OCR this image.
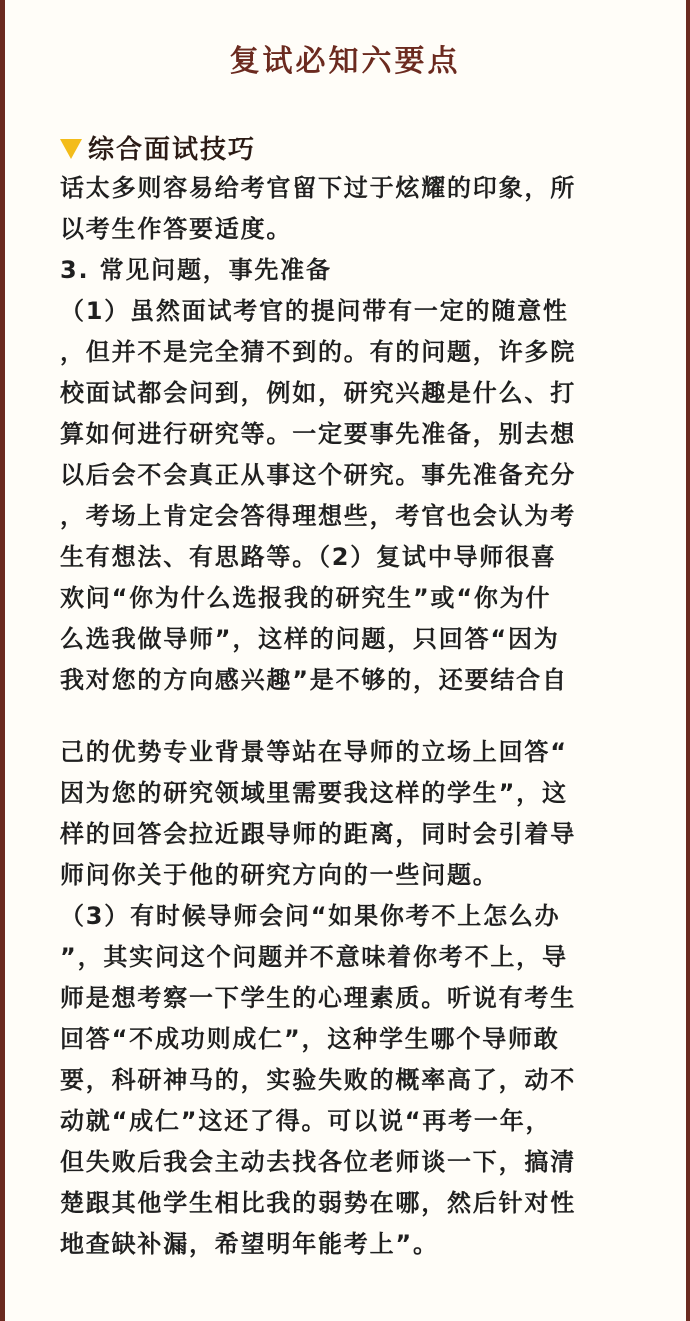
复试必知六要点
综合面试技巧
话太多则容易给考官留下过于炫耀的印象，所
以考生作答要适度。
3. 常见问题，事先准备
（1）虽然面试考官的提问带有一定的随意性
，但并不是完全猜不到的。有的问题，许多院
校面试都会问到，例如，研究兴趣是什么、打
算如何进行研究等。一定要事先准备，别去想
以后会不会真正从事这个研究。事先准备充分
，考场上肯定会答得理想些，考官也会认为考
生有想法、有思路等。（2）复试中导师很喜
欢问“你为什么选报我的研究生”或“你为什
么选我做导师”，这样的问题，只回答“因为
我对您的方向感兴趣”是不够的，还要结合自
己的优势专业背景等站在导师的立场上回答“
因为您的研究领域里需要我这样的学生”，这
样的回答会拉近跟导师的距离，同时会引着导
师问你关于他的研究方向的一些问题。
（3）有时候导师会问“如果你考不上怎么办
”，其实问这个问题并不意味着你考不上，导
师是想考察一下学生的心理素质。听说有考生
回答“不成功则成仁”，这种学生哪个导师敢
要，科研神马的，实验失败的概率高了，动不
动就“成仁”这还了得。可以说“再考一年，
但失败后我会主动去找各位老师谈一下，搞清
楚跟其他学生相比我的弱势在哪，然后针对性
地查缺补漏，希望明年能考上”。
